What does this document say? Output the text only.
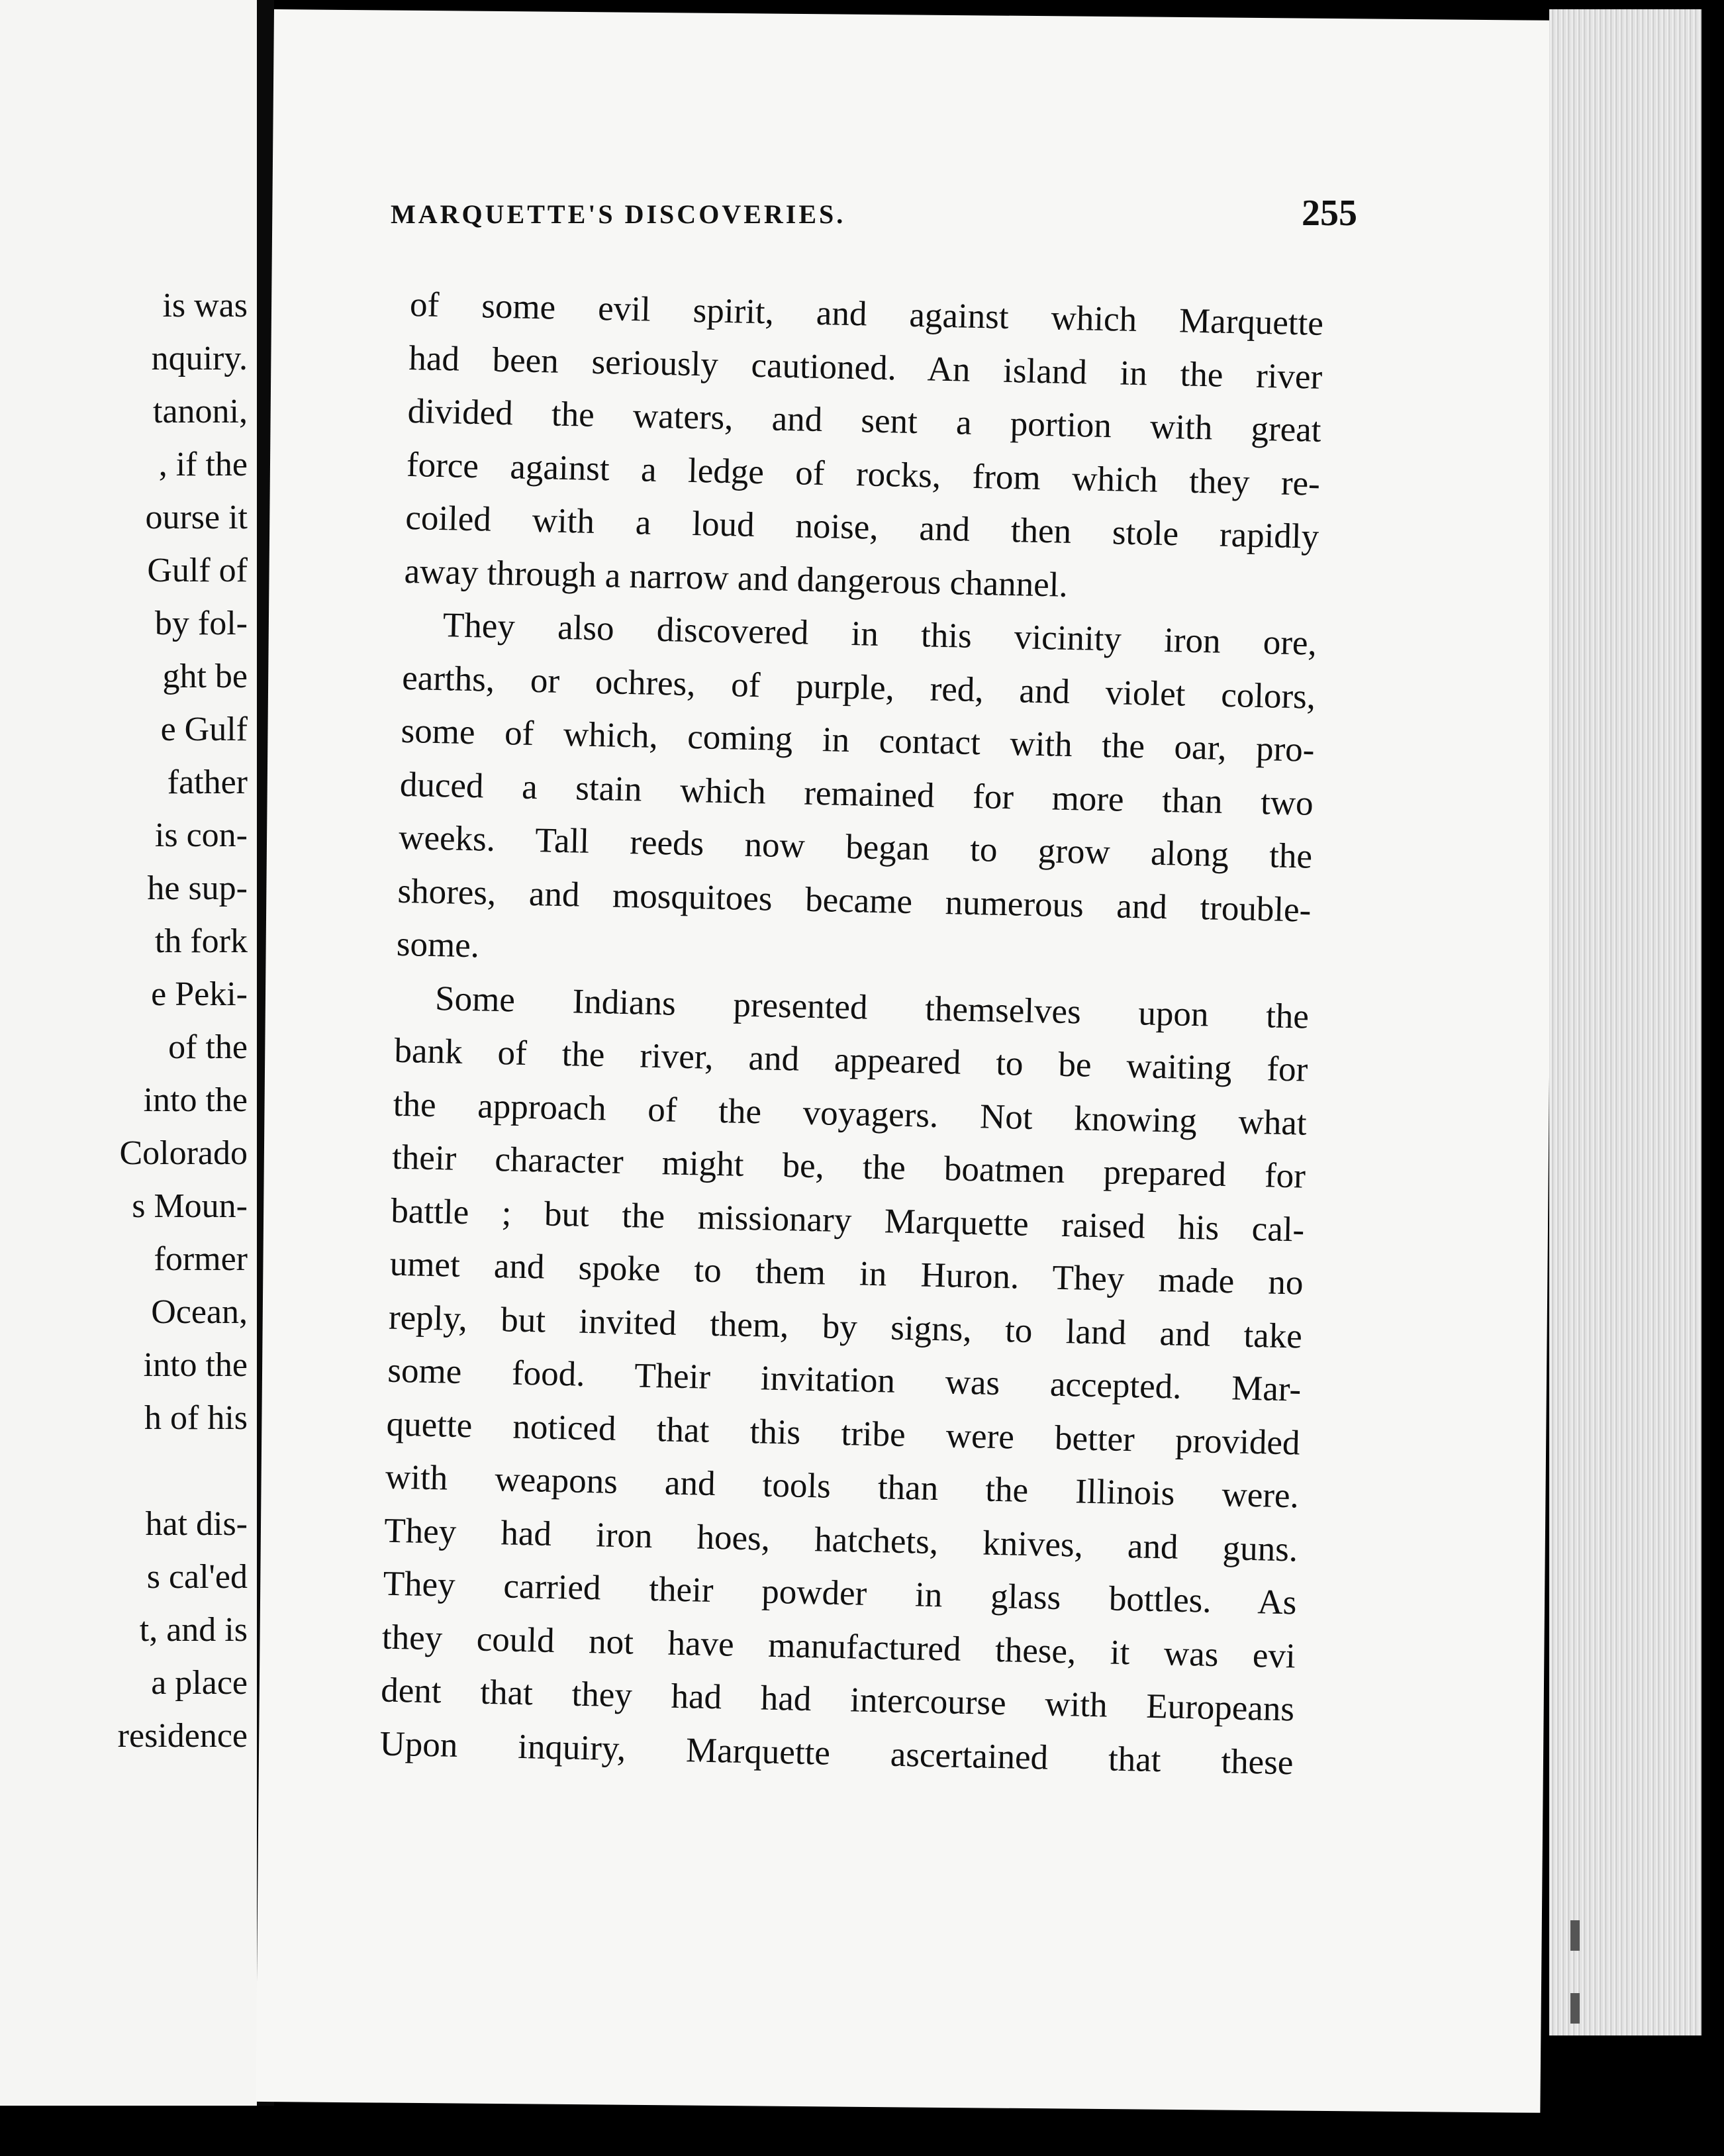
is was
nquiry.
tanoni,
, if the
ourse it
Gulf of
by fol-
ght be
e Gulf
father
is con-
he sup-
th fork
e Peki-
of the
into the
Colorado
s Moun-
former
Ocean,
into the
h of his
hat dis-
s cal'ed
t, and is
a place
residence
MARQUETTE'S DISCOVERIES.	255
of some evil spirit, and against which Marquette
had been seriously cautioned. An island in the river
divided the waters, and sent a portion with great
force against a ledge of rocks, from which they re-
coiled with a loud noise, and then stole rapidly
away through a narrow and dangerous channel.
They also discovered in this vicinity iron ore,
earths, or ochres, of purple, red, and violet colors,
some of which, coming in contact with the oar, pro-
duced a stain which remained for more than two
weeks. Tall reeds now began to grow along the
shores, and mosquitoes became numerous and trouble-
some.
Some Indians presented themselves upon the
bank of the river, and appeared to be waiting for
the approach of the voyagers. Not knowing what
their character might be, the boatmen prepared for
battle ; but the missionary Marquette raised his cal-
umet and spoke to them in Huron. They made no
reply, but invited them, by signs, to land and take
some food. Their invitation was accepted. Mar-
quette noticed that this tribe were better provided
with weapons and tools than the Illinois were.
They had iron hoes, hatchets, knives, and guns.
They carried their powder in glass bottles. As
they could not have manufactured these, it was evi
dent that they had had intercourse with Europeans
Upon inquiry, Marquette ascertained that these
